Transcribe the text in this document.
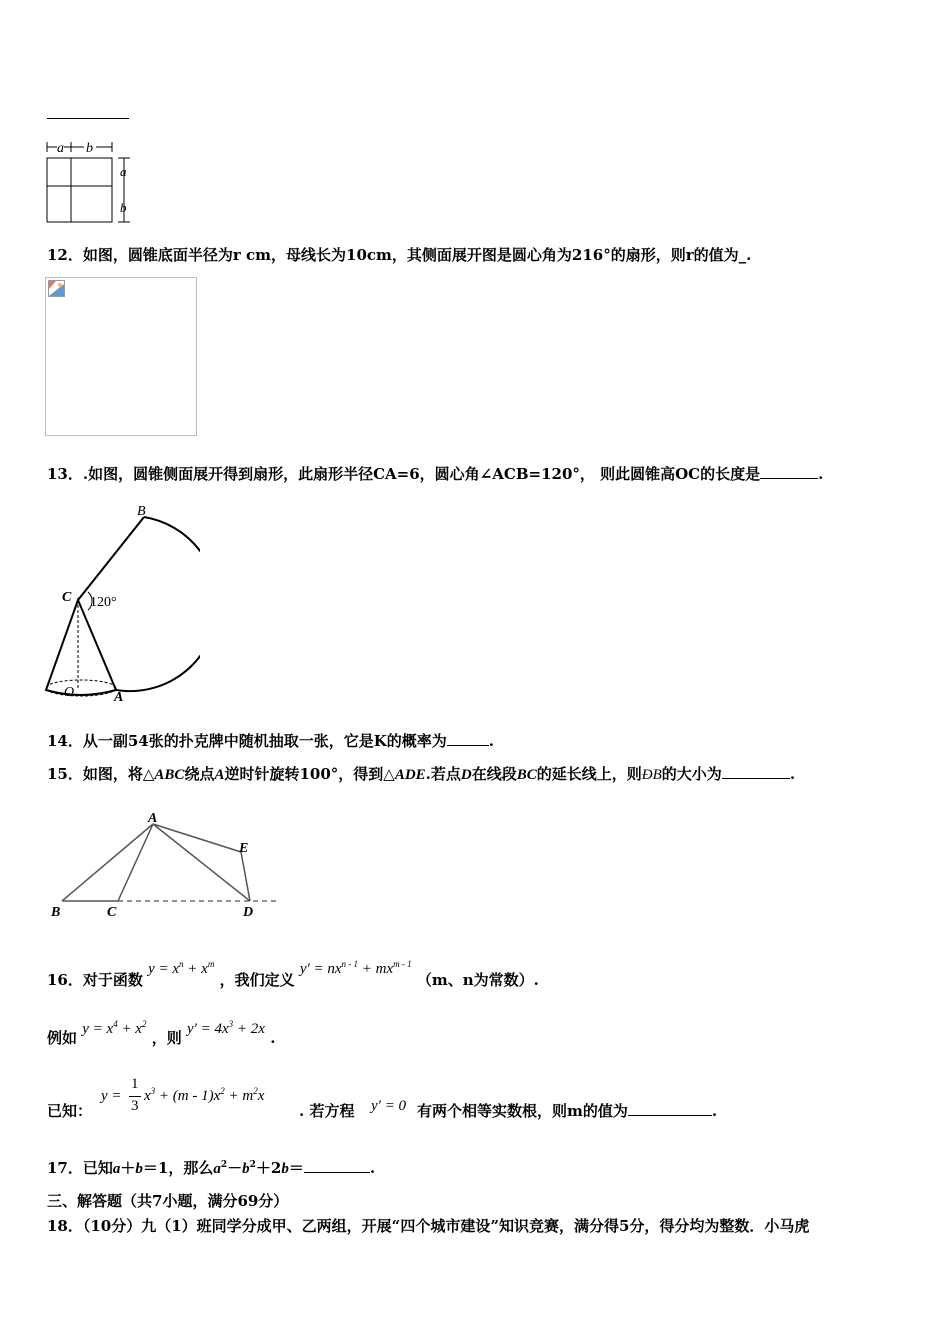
a b
a
b
12．如图，圆锥底面半径为r cm，母线长为10cm，其侧面展开图是圆心角为216°的扇形，则r的值为_.
13．.如图，圆锥侧面展开得到扇形，此扇形半径CA=6，圆心角∠ACB=120°， 则此圆锥高OC的长度是	.
B
C 120°
O	A
14．从一副54张的扑克牌中随机抽取一张，它是K的概率为	.
15．如图，将△ABC绕点A逆时针旋转100°，得到△ADE.若点D在线段BC的延长线上，则ÐB的大小为	.
A
E
B	C	D
16．对于函数 $y = x^n + x^m$ ，我们定义 $y' = nx^{n - 1} + mx^{m - 1}$ （m、n为常数）.
例如 $y = x^4 + x^2$ ，则 $y' = 4x^3 + 2x$ .
已知：
y =
1
3
$x^3 + (m - 1)x^2 + m^2x$
. 若方程 y′ = 0 有两个相等实数根，则m的值为	.
17．已知a＋b＝1，那么$a^2-b^2+2b=$	.
三、解答题（共7小题，满分69分）
18．（10分）九（1）班同学分成甲、乙两组，开展“四个城市建设”知识竞赛，满分得5分，得分均为整数．小马虎
